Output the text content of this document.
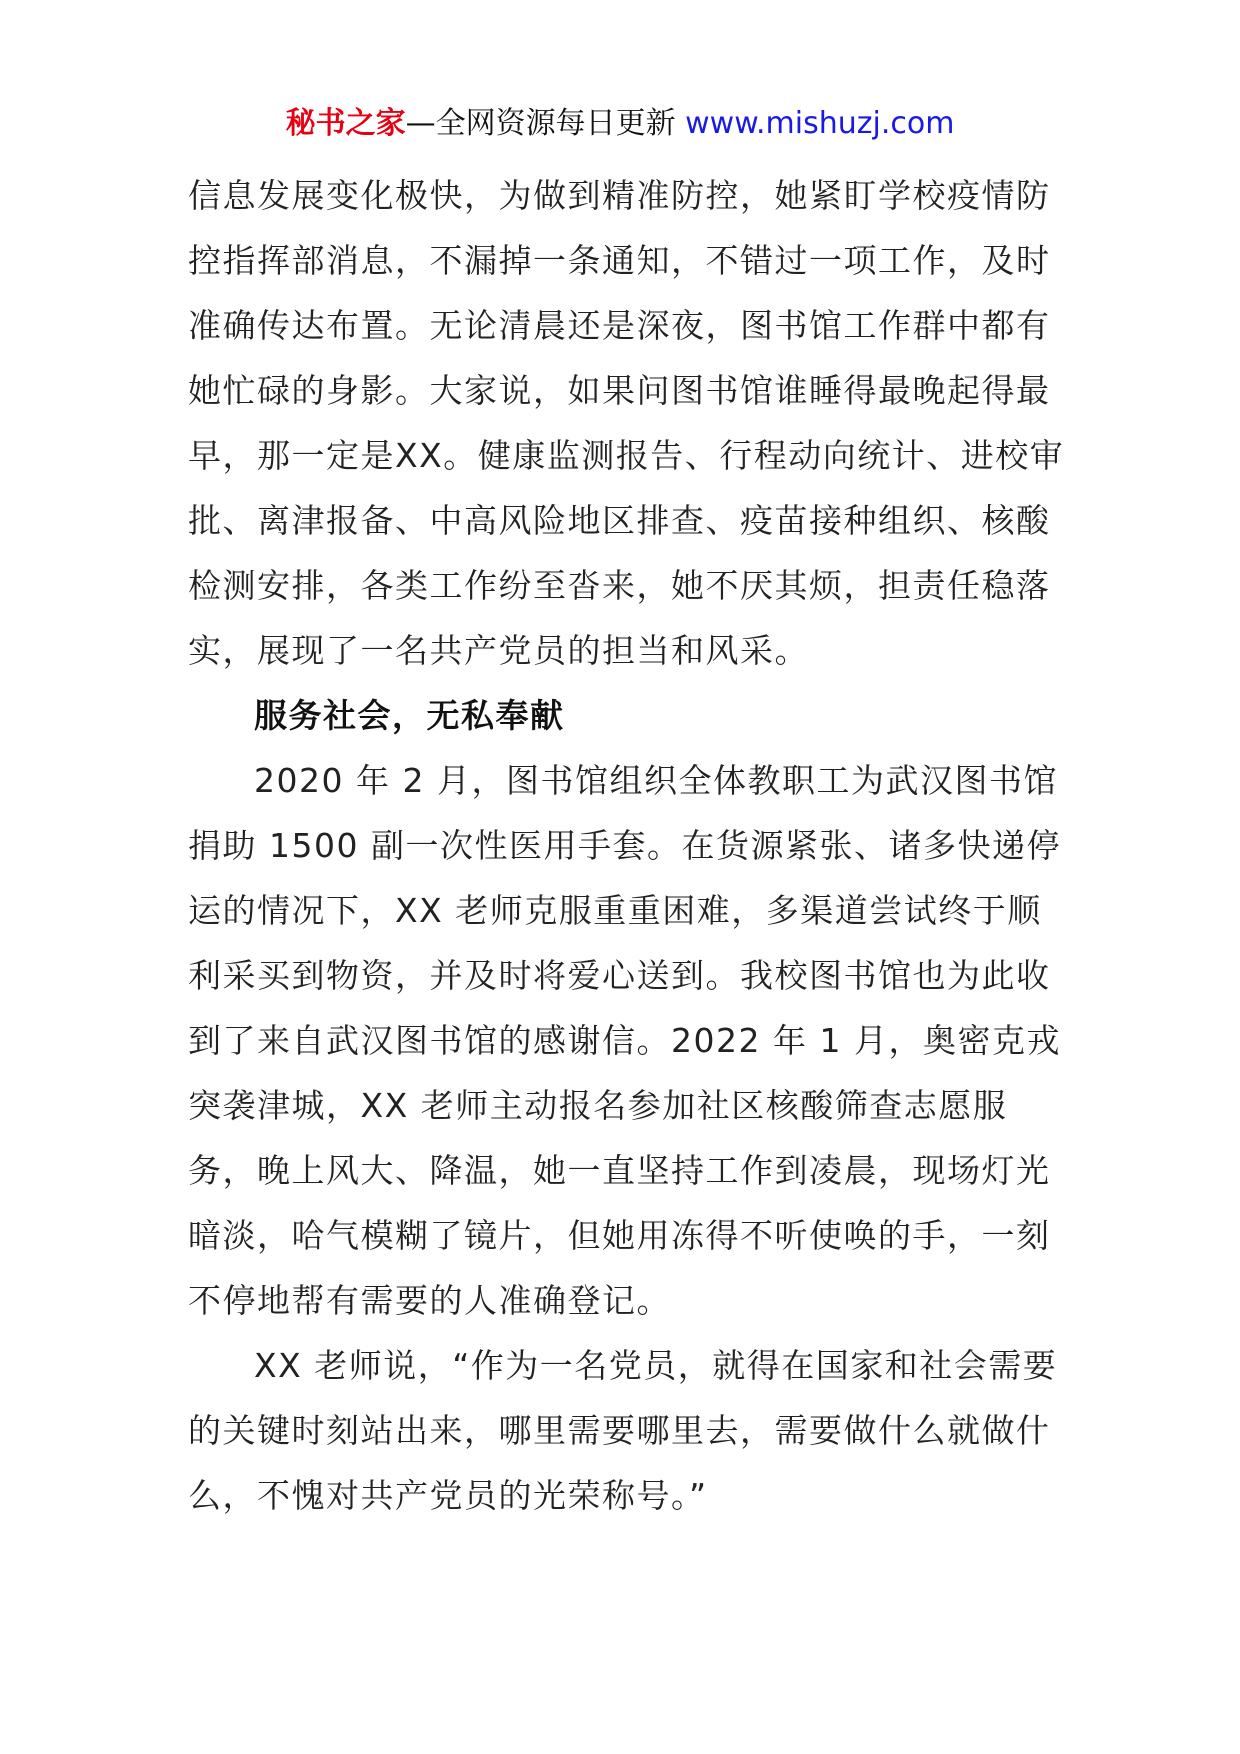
秘书之家—全网资源每日更新 www.mishuzj.com

信息发展变化极快，为做到精准防控，她紧盯学校疫情防控指挥部消息，不漏掉一条通知，不错过一项工作，及时准确传达布置。无论清晨还是深夜，图书馆工作群中都有她忙碌的身影。大家说，如果问图书馆谁睡得最晚起得最早，那一定是XX。健康监测报告、行程动向统计、进校审批、离津报备、中高风险地区排查、疫苗接种组织、核酸检测安排，各类工作纷至沓来，她不厌其烦，担责任稳落实，展现了一名共产党员的担当和风采。

服务社会，无私奉献

2020 年 2 月，图书馆组织全体教职工为武汉图书馆捐助 1500 副一次性医用手套。在货源紧张、诸多快递停运的情况下，XX 老师克服重重困难，多渠道尝试终于顺利采买到物资，并及时将爱心送到。我校图书馆也为此收到了来自武汉图书馆的感谢信。2022 年 1 月，奥密克戎突袭津城，XX 老师主动报名参加社区核酸筛查志愿服务，晚上风大、降温，她一直坚持工作到凌晨，现场灯光暗淡，哈气模糊了镜片，但她用冻得不听使唤的手，一刻不停地帮有需要的人准确登记。

XX 老师说，“作为一名党员，就得在国家和社会需要的关键时刻站出来，哪里需要哪里去，需要做什么就做什么，不愧对共产党员的光荣称号。”
